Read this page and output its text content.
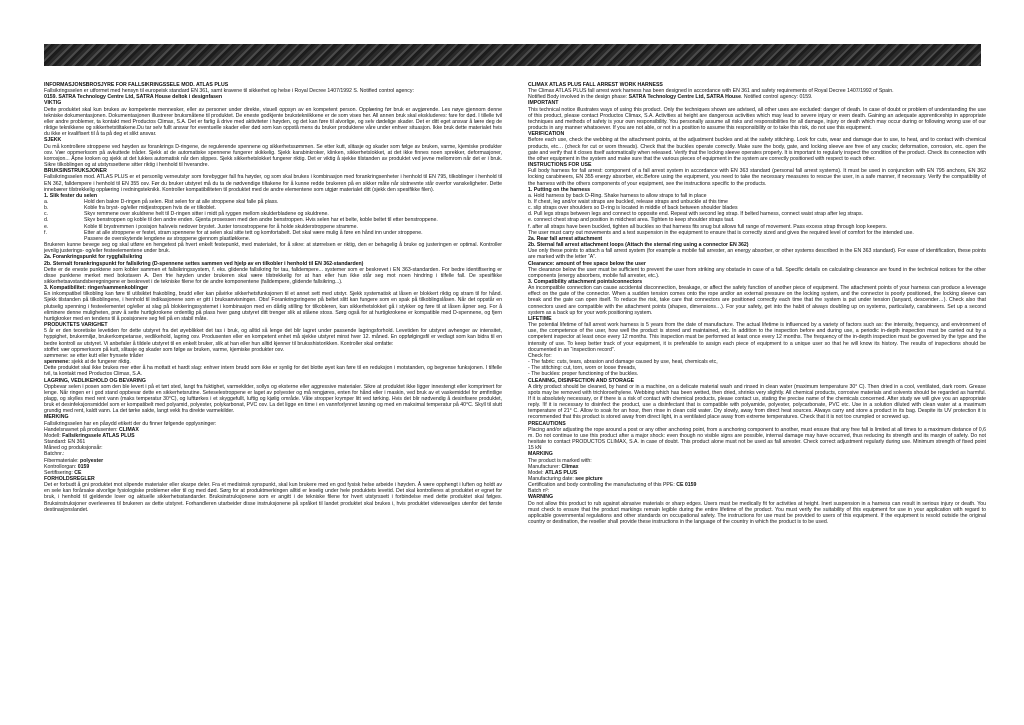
INFORMASJONSBROSJYRE FOR FALLSIKRINGSSELE MOD. ATLAS PLUS

Fallsikringsselen er utformet med hensyn til europeisk standard EN 361, samt kravene til sikkerhet og helse i Royal Decree 1407/1992 S. Notified control agency:

0159. SATRA Technology Centre Ltd, SATRA House deltok i designfasen

VIKTIG

Dette produktet skal kun brukes av kompetente mennesker, eller av personer under direkte, visuell oppsyn av en kompetent person. Opplæring før bruk er avgjørende. Les nøye gjennom denne tekniske dokumentasjonen. Dokumentasjonen illustrerer bruksmåtene til produktet. De eneste godkjente brukstekniikkene er de som vises her. All annen bruk skal ekskluderes: fare for død. I tillelle tvil eller andre problemer, ta kontakt med Productos Climax, S.A. Det er farlig å drive med aktiviteter i høyden, og det kan føre til alvorlige, og selv dødelige skader. Det er ditt eget ansvar å lære deg de riktige teknikkene og sikkerhetstiltakene.Du tar selv fullt ansvar for eventuelle skader eller død som kan oppstå mens du bruker produktene våre under enhver situasjon. Ikke bruk dette materialet hvis du ikke er kvalifisert til å ta på deg et slikt ansvar.

SJEKK

Du må kontrollere stroppene ved høyden av forankrings D-ringene, de regulerende spennene og sikkerhetssømmen. Se etter kutt, slitasje og skader som følge av bruken, varme, kjemiske produkter osv. Vær oppmerksom på avkuttede tråder. Sjekk at de automatiske spennene fungerer skikkelig. Sjekk karabinkroker, klinken, sikkerhetslokket, at det ikke finnes noen sprekker, deformasjoner, korrosjon... Åpne kroken og sjekk at det lukkes automatisk når den slippes. Sjekk sikkerhetslokket fungerer riktig. Det er viktig å sjekke tilstanden av produktet ved jevne mellomrom når det er i bruk. Sikre tilkoblingen og at utstyrssettene sitter riktig i henhold til hverandre.

BRUKSINSTRUKSJONER

Fallsikringsselen mod. ATLAS PLUS er et personlig verneutstyr som forebygger fall fra høyder, og som skal brukes i kombinasjon med forankringsenheter i henhold til EN 795, tilkoblinger i henhold til EN 362, falldempere i henhold til EN 355 osv. Før du bruker utstyret må du ta de nødvendige tiltakene for å kunne redde brukeren på en sikker måte når sistnevnte står overfor vanskeligheter. Dette innebærer tilstrekkelig opplæring i redningsteknikk. Kontroller kompatibiliteten til produktet med de andre elementene som utgjør materialet ditt (sjekk den spesifikke filen).

1. Slik fester du selen

a.	Hold den bakre D-ringen på selen. Rist selen for at alle stroppene skal falle på plass.
b.	Koble fra bryst- og/eller midjestroppen hvis de er tilkoblet.
c.	Skyv remmene over skuldrene helt til D-ringen sitter i midt på ryggen mellom skulderbladene og skuldrene.
d.	Skyv benstroppen og koble til den andre enden. Gjenta prosessen med den andre benstroppen. Hvis selen har et belte, koble beltet til etter benstroppene.
e.	Koble til brystremmen i posisjon halvveis nedover brystet. Juster torsostroppene for å holde skulderstroppene stramme.
f.	Etter at alle stroppene er festet, stram spennene for at selen skal sitte tett og komfortabelt. Det skal være mulig å føre en hånd inn under stroppene.
Passere de overskytende lengdene av stroppene gjennom plastløkkene.

Brukeren kunne bevege seg og skal utføre en hengetest på hvert enkelt festepunkt, med materialet, for å sikre: at størrelsen er riktig, den er behagelig å bruke og justeringen er optimal. Kontroller jevnlig justerings- og/eller festeelementene under bruk.

2a. Forankringspunkt for ryggfallsikring

2b. Sternalt forankringspunkt for fallsikring (D-spennene settes sammen ved hjelp av en tilkobler i henhold til EN 362-standarden)

Dette er de eneste punktene som kobler sammen et fallsikringssystem, f. eks. glidende fallsikring for tau, falldempere... systemer som er beskrevet i EN 363-standarden. For bedre identifisering er disse punktene merket med bokstaven A. Den frie høyden under brukeren skal være tilstrekkelig for at han eller hun ikke står seg mot noen hindring i tilfelle fall. De spesifikke sikkerhetsavstandsberegningene er beskrevet i de tekniske filene for de andre komponentene (falldempere, glidende fallsikring...).

3. Kompatibilitet: ringer/sammenkoblinger

En inkompatibel tilkobling kan føre til utilsiktet frakobling, brudd eller kan påvirke sikkerhetsfunksjonen til et annet sett med utstyr. Sjekk systematisk at låsen er blokkert riktig og stram til for hånd. Sjekk tilstanden på tilkoblingene, i henhold til indikasjonene som er gitt i bruksanvisningen. Obs! Forankringsringene på beltet slitt kan fungere som en spak på tilkoblingslåsen. Når det oppstår en plutselig spenning i festeelementet og/eller at slag på blokkeringssystemet i kombinasjon med en dårlig stilling for tilkobleren, kan sikkerhetslokket gå i stykker og føre til at låsen åpner seg. For å eliminere denne muligheten, prøv å sette hurtigkrokene ordentlig på plass hver gang utstyret ditt trenger slik at ståene stoss. Sørg også for at hurtigkrokene er kompatible med D-spennene, og fjern hurtigkroker med en tendens til å posisjonere seg feil på en stabil måte.

PRODUKTETS VARIGHET

5 år er den teoretiske levetiden for dette utstyret fra det øyeblikket det tas i bruk, og alltid så lenge det blir lagret under passende lagringsforhold. Levetiden for utstyret avhenger av intensitet, hyppighet, brukermiljø, brukerkompetanse, vedlikehold, lagring osv. Produsenten eller en kompetent enhet må sjekke utstyret minst hver 12. måned. En oppfølgingsfil er vedlagt som kan bidra til en bedre kontroll av utstyret. Vi anbefaler å tildele utstyret til en enkelt bruker, slik at han eller hun alltid kjenner til bruksshistorikken. Kontroller skal omfatte:

stoffet: vær oppmerksom på kutt, slitasje og skader som følge av bruken, varme, kjemiske produkter osv.

sømmene: se etter kutt eller frynsete tråder

spennene: sjekk at de fungerer riktig.

Dette produktet skal ikke brukes mer etter å ha mottatt et hardt slag: enhver intern brudd som ikke er synlig for det blotte øyet kan føre til en reduksjon i motstanden, og begrense funksjonen. I tilfelle tvil, ta kontakt med Productos Climax, S.A.

LAGRING, VEDLIKEHOLD OG BEVARING

Oppbevar selen i posen som den ble levert i på et tørt sted, langt fra fuktighet, varmekilder, sollys og eksterne eller aggressive materialer. Sikre at produktet ikke ligger innestengt eller komprimert for lenge. Når ringen er i god stand oppbevar dette en sikkerhetsrutine. Seteselestroppene er laget av polyester og må rengjøres, enten for hånd eller i maskin, ved bruk av et vaskemiddel for ømfintlige plagg, og skylles med rent vann (maks temperatur 30°C), og lufttørkes i et skyggefullt, luftig og kjølig område. Våte stropper krymper litt ved tørking. Hvis det blir nødvendig å desinfisere produktet, bruk et desinfeksjonsmiddel som er kompatibelt med polyamid, polyester, polykarbonat, PVC osv. La det ligge en time i en vannforlynnet løsning og med en maksimal temperatur på 40°C. Skyll til slutt grundig med rent, kaldt vann. La det tørke sakte, langt vekk fra direkte varmekilder.

MERKING

Fallsikringsselen har en påsydd etikett der du finner følgende opplysninger:

Handelsnavnet på produsenten: CLIMAX

Modell: Fallsikringssele ATLAS PLUS

Standard: EN 361

Måned og produksjonsår:

Batchnr.:

Fibermateriale: polyester

Kontrollorgan: 0159

Sertifisering: CE

FORHOLDSREGLER

Det er forbudt å gni produktet mot slipende materialer eller skarpe deler. Fra et medisinsk synspunkt, skal kun brukere med en god fysisk helse arbeide i høyden. Å være opphengt i luften og holdt av en sele kan forårsake alvorlige fysiologiske problemer eller til og med død. Sørg for at produktmerkingen alltid er leselig under hele produktets levetid. Det skal kontrolleres at produktet er egnet for bruk, i henhold til gjeldende lover og aktuelle sikkerhetsstandarder. Bruksinstruksjonene som er angitt i de tekniske filene for hvert utstyrssett i forbindelse med dette produktet skal følges. Bruksinstruksjoner overleveres til brukeren av dette utstyret. Forhandleren utarbeider disse instruksjonene på språket til landet produktet skal brukes i, hvis produktet videreselges utenfor det første destinasjonslandet.

CLIMAX ATLAS PLUS FALL ARREST WORK HARNESS

The Climax ATLAS PLUS fall arrest work harness has been designed in accordance with EN 361 and safety requirements of Royal Decree 1407/1992 of Spain.

Notified Body involved in the design phase: SATRA Technology Centre Ltd, SATRA House. Notified control agency: 0159.

IMPORTANT

This technical notice illustrates ways of using this product. Only the techniques shown are advised, all other uses are excluded: danger of death. In case of doubt or problem of understanding the use of this product, please contact Productos Climax, S.A. Activities at height are dangerous activities which may lead to severe injury or even death. Gaining an adequate apprenticeship in appropriate techniques and methods of safety is your own responsibility. You personally assume all risks and responsibilities for all damage, injury or death which may occur during or following wrong use of our products in any manner whatsoever. If you are not able, or not in a position to assume this responsibility or to take this risk, do not use this equipment.

VERIFICATION

Before each use, check the webbing at the attachment points, at the adjustment buckles and at the safety stitching. Look for cuts, wear and damage due to use, to heat, and to contact with chemical products, etc… (check for cut or worn threads). Check that the buckles operate correctly. Make sure the body, gate, and locking sleeve are free of any cracks; deformation, corrosion, etc. open the gate and verify that it closes itself automatically when released. Verify that the locking sleeve operates properly. It is important to regularly inspect the condition of the product. Check its connection with the other equipment in the system and make sure that the various pieces of equipment in the system are correctly positioned with respect to each other.

INSTRUCTIONS FOR USE

Full body harness for fall arrest: component of a fall arrest system in accordance with EN 363 standard (personal fall arrest systems). It must be used in conjunction with EN 795 anchors, EN 362 locking carabineers, EN 355 energy absorber, etc.Before using the equipment, you need to take the necessary measures to rescue the user, in a safe manner, if necessary. Verify the compatibility of the harness with the others components of your equipment, see the instructions specific to the products.

1. Putting on the harness

a. Hold harness by back D-Ring. Shake harness to allow straps to fall in place

b. If chest, leg and/or waist straps are buckled, release straps and unbuckle at this time

c. slip straps over shoulders so D-ring is located in middle of back between shoulder blades

d. Pull legs straps between legs and connect to opposite end. Repeat with second leg strap. If belted harness, connect waist strap after leg straps.

e. connect chest strap and position in midchest area. Tighten to keep shoulder straps taut.

f. after all straps have been buckled, tighten all buckles so that harness fits snug but allows full range of movement. Pass excess strap through loop keepers.

The user must carry out movements and a test suspension in the equipment to ensure that is correctly sized and gives the required level of comfort for the intended use.

2a. Rear fall arrest attachment

2b. Sternal fall arrest attachment loops (Attach the sternal ring using a connector EN 362)

Use only these points to attach a fall arrest system (for example a mobile fall arrester, an energy absorber, or other systems described in the EN 363 standard). For ease of identification, these points are marked with the letter “A”.

Clearance: amount of free space below the user

The clearance below the user must be sufficient to prevent the user from striking any obstacle in case of a fall. Specific details on calculating clearance are found in the technical notices for the other components (energy absorbers, mobile fall arrester, etc.).

3. Compatibility attachment points/connectors

An incompatible connection can cause accidental disconnection, breakage, or affect the safety function of another piece of equipment. The attachment points of your harness can produce a leverage effect on the gate of the connector. When a sudden tension comes onto the rope and/or an external pressure on the locking system, and the connector is poorly positioned, the locking sleeve can break and the gate can open itself. To reduce the risk, take care that connectors are positioned correctly each time that the system is put under tension (lanyard, descender…). Check also that connectors used are compatible with the attachment points (shapes, dimensions…). For your safety, get into the habit of always doubling up on systems, particularly, carabineers. Set up a second system as a back up for your work positioning system.

LIFETIME

The potential lifetime of fall arrest work harness is 5 years from the date of manufacture. The actual lifetime is influenced by a variety of factors such as: the intensity, frequency, and environment of use, the competence of the user, how well the product is stored and maintained, etc. In addition to the inspection before and during use, a periodic in-depth inspection must be carried out by a competent inspector at least once every 12 months. This inspection must be performed at least once every 12 months. The frequency of the in-depth inspection must be governed by the type and the intensity of use. To keep better track of your equipment, it is preferable to assign each piece of equipment to a unique user so that he will know its history. The results of inspections should be documented in an “inspection record”.

Check for:

- The fabric: cuts, tears, abrasion and damage caused by use, heat, chemicals etc,

- The stitching: cut, torn, worn or loose threads,

- The buckles: proper functioning of the buckles.

CLEANING, DISINFECTION AND STORAGE

A dirty product should be cleaned, by hand or in a machine, on a delicate material wash and rinsed in clean water (maximum temperature 30° C). Then dried in a cool, ventilated, dark room. Grease spots may be removed with trichloroethylene. Webbing which has been wetted, then dried, shrinks very slightly. All chemical products, corrosive materials and solvents should be regarded as harmful. If it is absolutely necessary, or if there is a risk of contact with chemical products, please contact us, stating the precise name of the chemicals concerned. After study we will give you an appropriate reply. !If it is necessary to disinfect the product, use a disinfectant that is compatible with polyamide, polyester, polycarbonate, PVC etc. Use in a solution diluted with clean water at a maximum temperature of 21° C. Allow to soak for an hour, then rinse in clean cold water. Dry slowly, away from direct heat sources. Always carry and store a product in its bag. Despite its UV protection it is recommended that this product is stored away from direct light, in a ventilated place away from extreme temperatures. Check that it is not too crumpled or screwed up.

PRECAUTIONS

Placing and/or adjusting the rope around a post or any other anchoring point, from a anchoring component to another, must ensure that any free fall is limited at all times to a maximum distance of 0,6 m. Do not continue to use this product after a major shock: even though no visible signs are possible, internal damage may have occurred, thus reducing its strength and its margin of safety. Do not hesitate to contact PRODUCTOS CLIMAX, S.A. in case of doubt. This product alone must not be used as fall arrester. Check correct adjustment regularly during use. Minimum strength of fixed point 15 kN

MARKING

The product is marked with:

Manufacturer: Climax

Model: ATLAS PLUS

Manufacturing date: see picture

Certification and body controlling the manufacturing of this PPE: CE 0159

Batch nº:

WARNING

Do not allow this product to rub against abrasive materials or sharp edges. Users must be medically fit for activities at height. Inert suspension in a harness can result in serious injury or death. You must check to ensure that the product markings remain legible during the entire lifetime of the product. You must verify the suitability of this equipment for use in your application with regard to applicable governmental regulations and other standards on occupational safety. The instructions for use must be provided to users of this equipment. If the equipment is resold outside the original country or destination, the reseller shall provide these instructions in the language of the country in which the product is to be used.
